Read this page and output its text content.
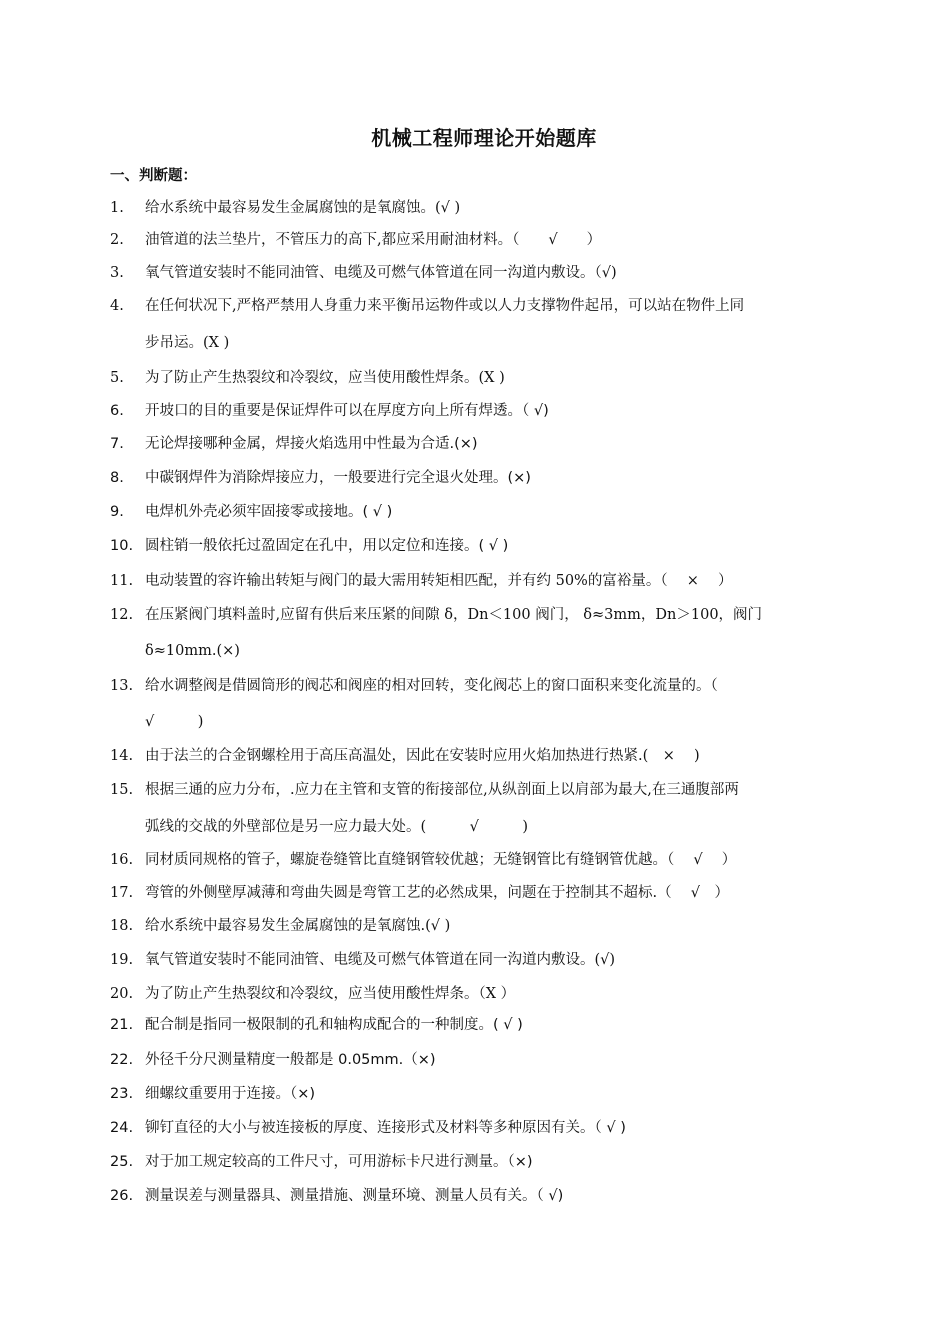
机械工程师理论开始题库
一、判断题：
1.	给水系统中最容易发生金属腐蚀的是氧腐蚀。(√ )
2.	油管道的法兰垫片，不管压力的高下,都应采用耐油材料。（　　√　　）
3.	氧气管道安装时不能同油管、电缆及可燃气体管道在同一沟道内敷设。（√)
4.	在任何状况下,严格严禁用人身重力来平衡吊运物件或以人力支撑物件起吊，可以站在物件上同
步吊运。(X )
5.	为了防止产生热裂纹和冷裂纹，应当使用酸性焊条。(X )
6.	开坡口的目的重要是保证焊件可以在厚度方向上所有焊透。（ √)
7.	无论焊接哪种金属，焊接火焰选用中性最为合适.(×)
8.	中碳钢焊件为消除焊接应力，一般要进行完全退火处理。(×)
9.	电焊机外壳必须牢固接零或接地。( √ )
10. 圆柱销一般依托过盈固定在孔中，用以定位和连接。( √ )
11. 电动装置的容许输出转矩与阀门的最大需用转矩相匹配，并有约 50%的富裕量。（　 ×　 ）
12. 在压紧阀门填料盖时,应留有供后来压紧的间隙 δ，Dn＜100 阀门， δ≈3mm，Dn＞100，阀门
δ≈10mm.(×)
13. 给水调整阀是借圆筒形的阀芯和阀座的相对回转，变化阀芯上的窗口面积来变化流量的。（
√　　　)
14. 由于法兰的合金钢螺栓用于高压高温处，因此在安装时应用火焰加热进行热紧.(　×　 )
15. 根据三通的应力分布，.应力在主管和支管的衔接部位,从纵剖面上以肩部为最大,在三通腹部两
弧线的交战的外壁部位是另一应力最大处。(　　　√　　　)
16. 同材质同规格的管子，螺旋卷缝管比直缝钢管较优越；无缝钢管比有缝钢管优越。（　 √　 ）
17. 弯管的外侧壁厚减薄和弯曲失圆是弯管工艺的必然成果，问题在于控制其不超标.（　 √　）
18. 给水系统中最容易发生金属腐蚀的是氧腐蚀.(√ )
19. 氧气管道安装时不能同油管、电缆及可燃气体管道在同一沟道内敷设。(√)
20. 为了防止产生热裂纹和冷裂纹，应当使用酸性焊条。（X ）
21. 配合制是指同一极限制的孔和轴构成配合的一种制度。( √ )
22. 外径千分尺测量精度一般都是 0.05mm.（×)
23. 细螺纹重要用于连接。（×)
24. 铆钉直径的大小与被连接板的厚度、连接形式及材料等多种原因有关。（ √ )
25. 对于加工规定较高的工件尺寸，可用游标卡尺进行测量。（×)
26. 测量误差与测量器具、测量措施、测量环境、测量人员有关。（ √)
